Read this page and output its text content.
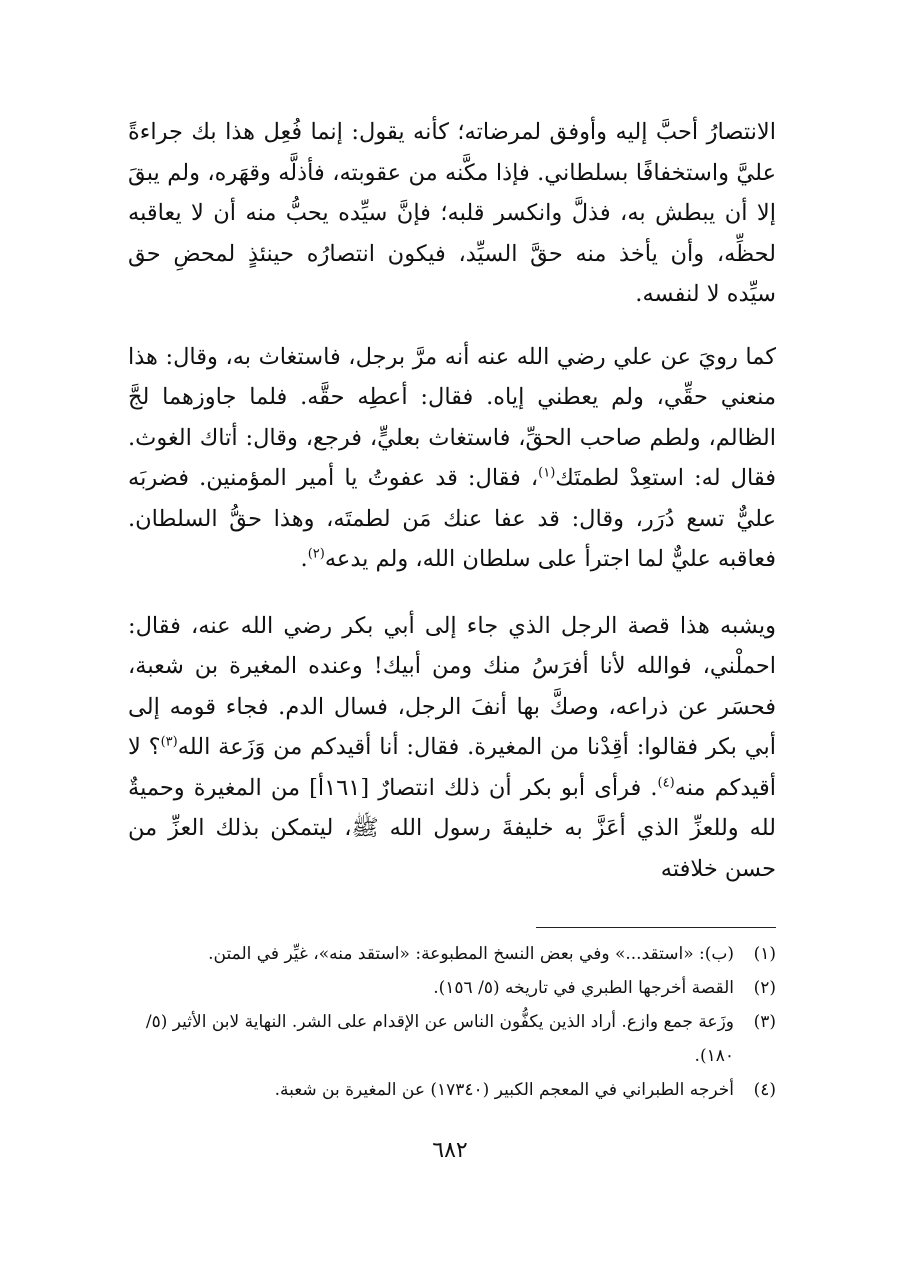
الانتصارُ أحبَّ إليه وأوفق لمرضاته؛ كأنه يقول: إنما فُعِل هذا بك جراءةً عليَّ واستخفافًا بسلطاني. فإذا مكَّنه من عقوبته، فأذلَّه وقهَره، ولم يبقَ إلا أن يبطش به، فذلَّ وانكسر قلبه؛ فإنَّ سيِّده يحبُّ منه أن لا يعاقبه لحظِّه، وأن يأخذ منه حقَّ السيِّد، فيكون انتصارُه حينئذٍ لمحضِ حق سيِّده لا لنفسه.

كما رويَ عن علي رضي الله عنه أنه مرَّ برجل، فاستغاث به، وقال: هذا منعني حقِّي، ولم يعطني إياه. فقال: أعطِه حقَّه. فلما جاوزهما لجَّ الظالم، ولطم صاحب الحقِّ، فاستغاث بعليٍّ، فرجع، وقال: أتاك الغوث. فقال له: استعِدْ لطمتَك$^{(١)}$، فقال: قد عفوتُ يا أمير المؤمنين. فضربَه عليٌّ تسع دُرَر، وقال: قد عفا عنك مَن لطمتَه، وهذا حقُّ السلطان. فعاقبه عليٌّ لما اجترأ على سلطان الله، ولم يدعه$^{(٢)}$.

ويشبه هذا قصة الرجل الذي جاء إلى أبي بكر رضي الله عنه، فقال: احملْني، فوالله لأنا أفرَسُ منك ومن أبيك! وعنده المغيرة بن شعبة، فحسَر عن ذراعه، وصكَّ بها أنفَ الرجل، فسال الدم. فجاء قومه إلى أبي بكر فقالوا: أقِدْنا من المغيرة. فقال: أنا أقيدكم من وَزَعة الله$^{(٣)}$؟ لا أقيدكم منه$^{(٤)}$. فرأى أبو بكر أن ذلك انتصارٌ [١٦١أ] من المغيرة وحميةٌ لله وللعزِّ الذي أعَزَّ به خليفةَ رسول الله ﷺ، ليتمكن بذلك العزِّ من حسن خلافته

(١)
(ب): «استقد...» وفي بعض النسخ المطبوعة: «استقد منه»، غيِّر في المتن.
(٢)
القصة أخرجها الطبري في تاريخه (٥/ ١٥٦).
(٣)
وزَعة جمع وازع. أراد الذين يكفُّون الناس عن الإقدام على الشر. النهاية لابن الأثير (٥/ ١٨٠).
(٤)
أخرجه الطبراني في المعجم الكبير (١٧٣٤٠) عن المغيرة بن شعبة.
٦٨٢
